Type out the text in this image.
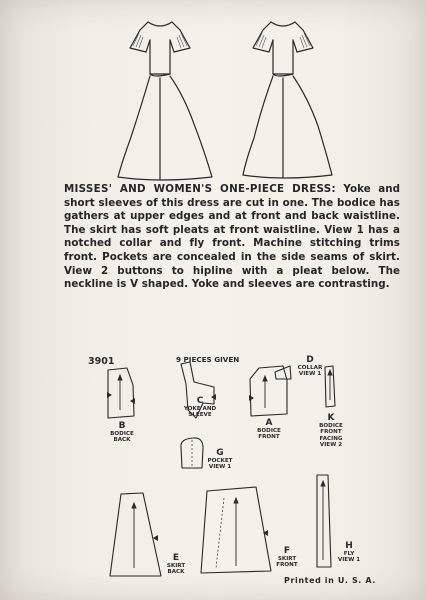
MISSES' AND WOMEN'S ONE-PIECE DRESS: Yoke and short sleeves of this dress are cut in one. The bodice has gathers at upper edges and at front and back waistline. The skirt has soft pleats at front waistline. View 1 has a notched collar and fly front. Machine stitching trims front. Pockets are concealed in the side seams of skirt. View 2 buttons to hipline with a pleat below. The neckline is V shaped. Yoke and sleeves are contrasting.
3901	9 PIECES GIVEN	D
COLLAR
VIEW 1
B
BODICE
BACK
C
YOKE AND
SLEEVE
A
BODICE
FRONT
K
BODICE
FRONT
FACING
VIEW 2
G
POCKET
VIEW 1
E
SKIRT
BACK
F
SKIRT
FRONT
H
FLY
VIEW 1
Printed in U. S. A.
